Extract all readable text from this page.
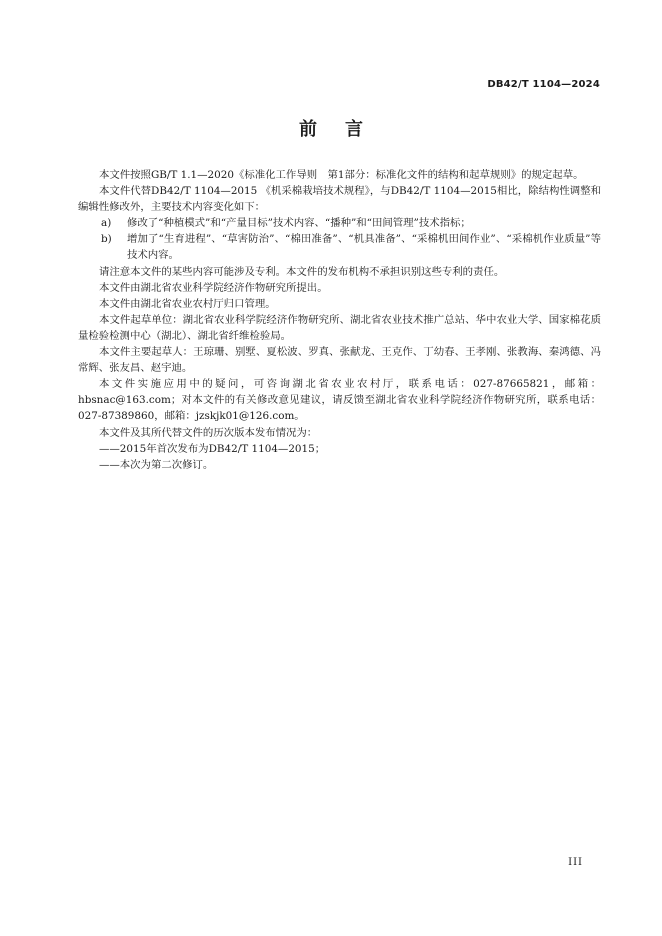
DB42/T 1104—2024
前 言

本文件按照GB/T 1.1—2020《标准化工作导则　第1部分：标准化文件的结构和起草规则》的规定起草。

本文件代替DB42/T 1104—2015 《机采棉栽培技术规程》，与DB42/T 1104—2015相比，除结构性调整和编辑性修改外，主要技术内容变化如下：

a) 修改了“种植模式”和“产量目标”技术内容、“播种”和“田间管理”技术指标；

b) 增加了“生育进程”、“草害防治”、“棉田准备”、“机具准备”、“采棉机田间作业”、“采棉机作业质量”等技术内容。

请注意本文件的某些内容可能涉及专利。本文件的发布机构不承担识别这些专利的责任。

本文件由湖北省农业科学院经济作物研究所提出。

本文件由湖北省农业农村厅归口管理。

本文件起草单位：湖北省农业科学院经济作物研究所、湖北省农业技术推广总站、华中农业大学、国家棉花质量检验检测中心（湖北）、湖北省纤维检验局。

本文件主要起草人：王琼珊、别墅、夏松波、罗真、张献龙、王克作、丁幼春、王孝刚、张教海、秦鸿德、冯常辉、张友昌、赵宇迪。

本文件实施应用中的疑问，可咨询湖北省农业农村厅，联系电话：027-87665821，邮箱：hbsnac@163.com；对本文件的有关修改意见建议，请反馈至湖北省农业科学院经济作物研究所，联系电话：027-87389860，邮箱：jzskjk01@126.com。

本文件及其所代替文件的历次版本发布情况为：

——2015年首次发布为DB42/T 1104—2015；

——本次为第二次修订。

III
